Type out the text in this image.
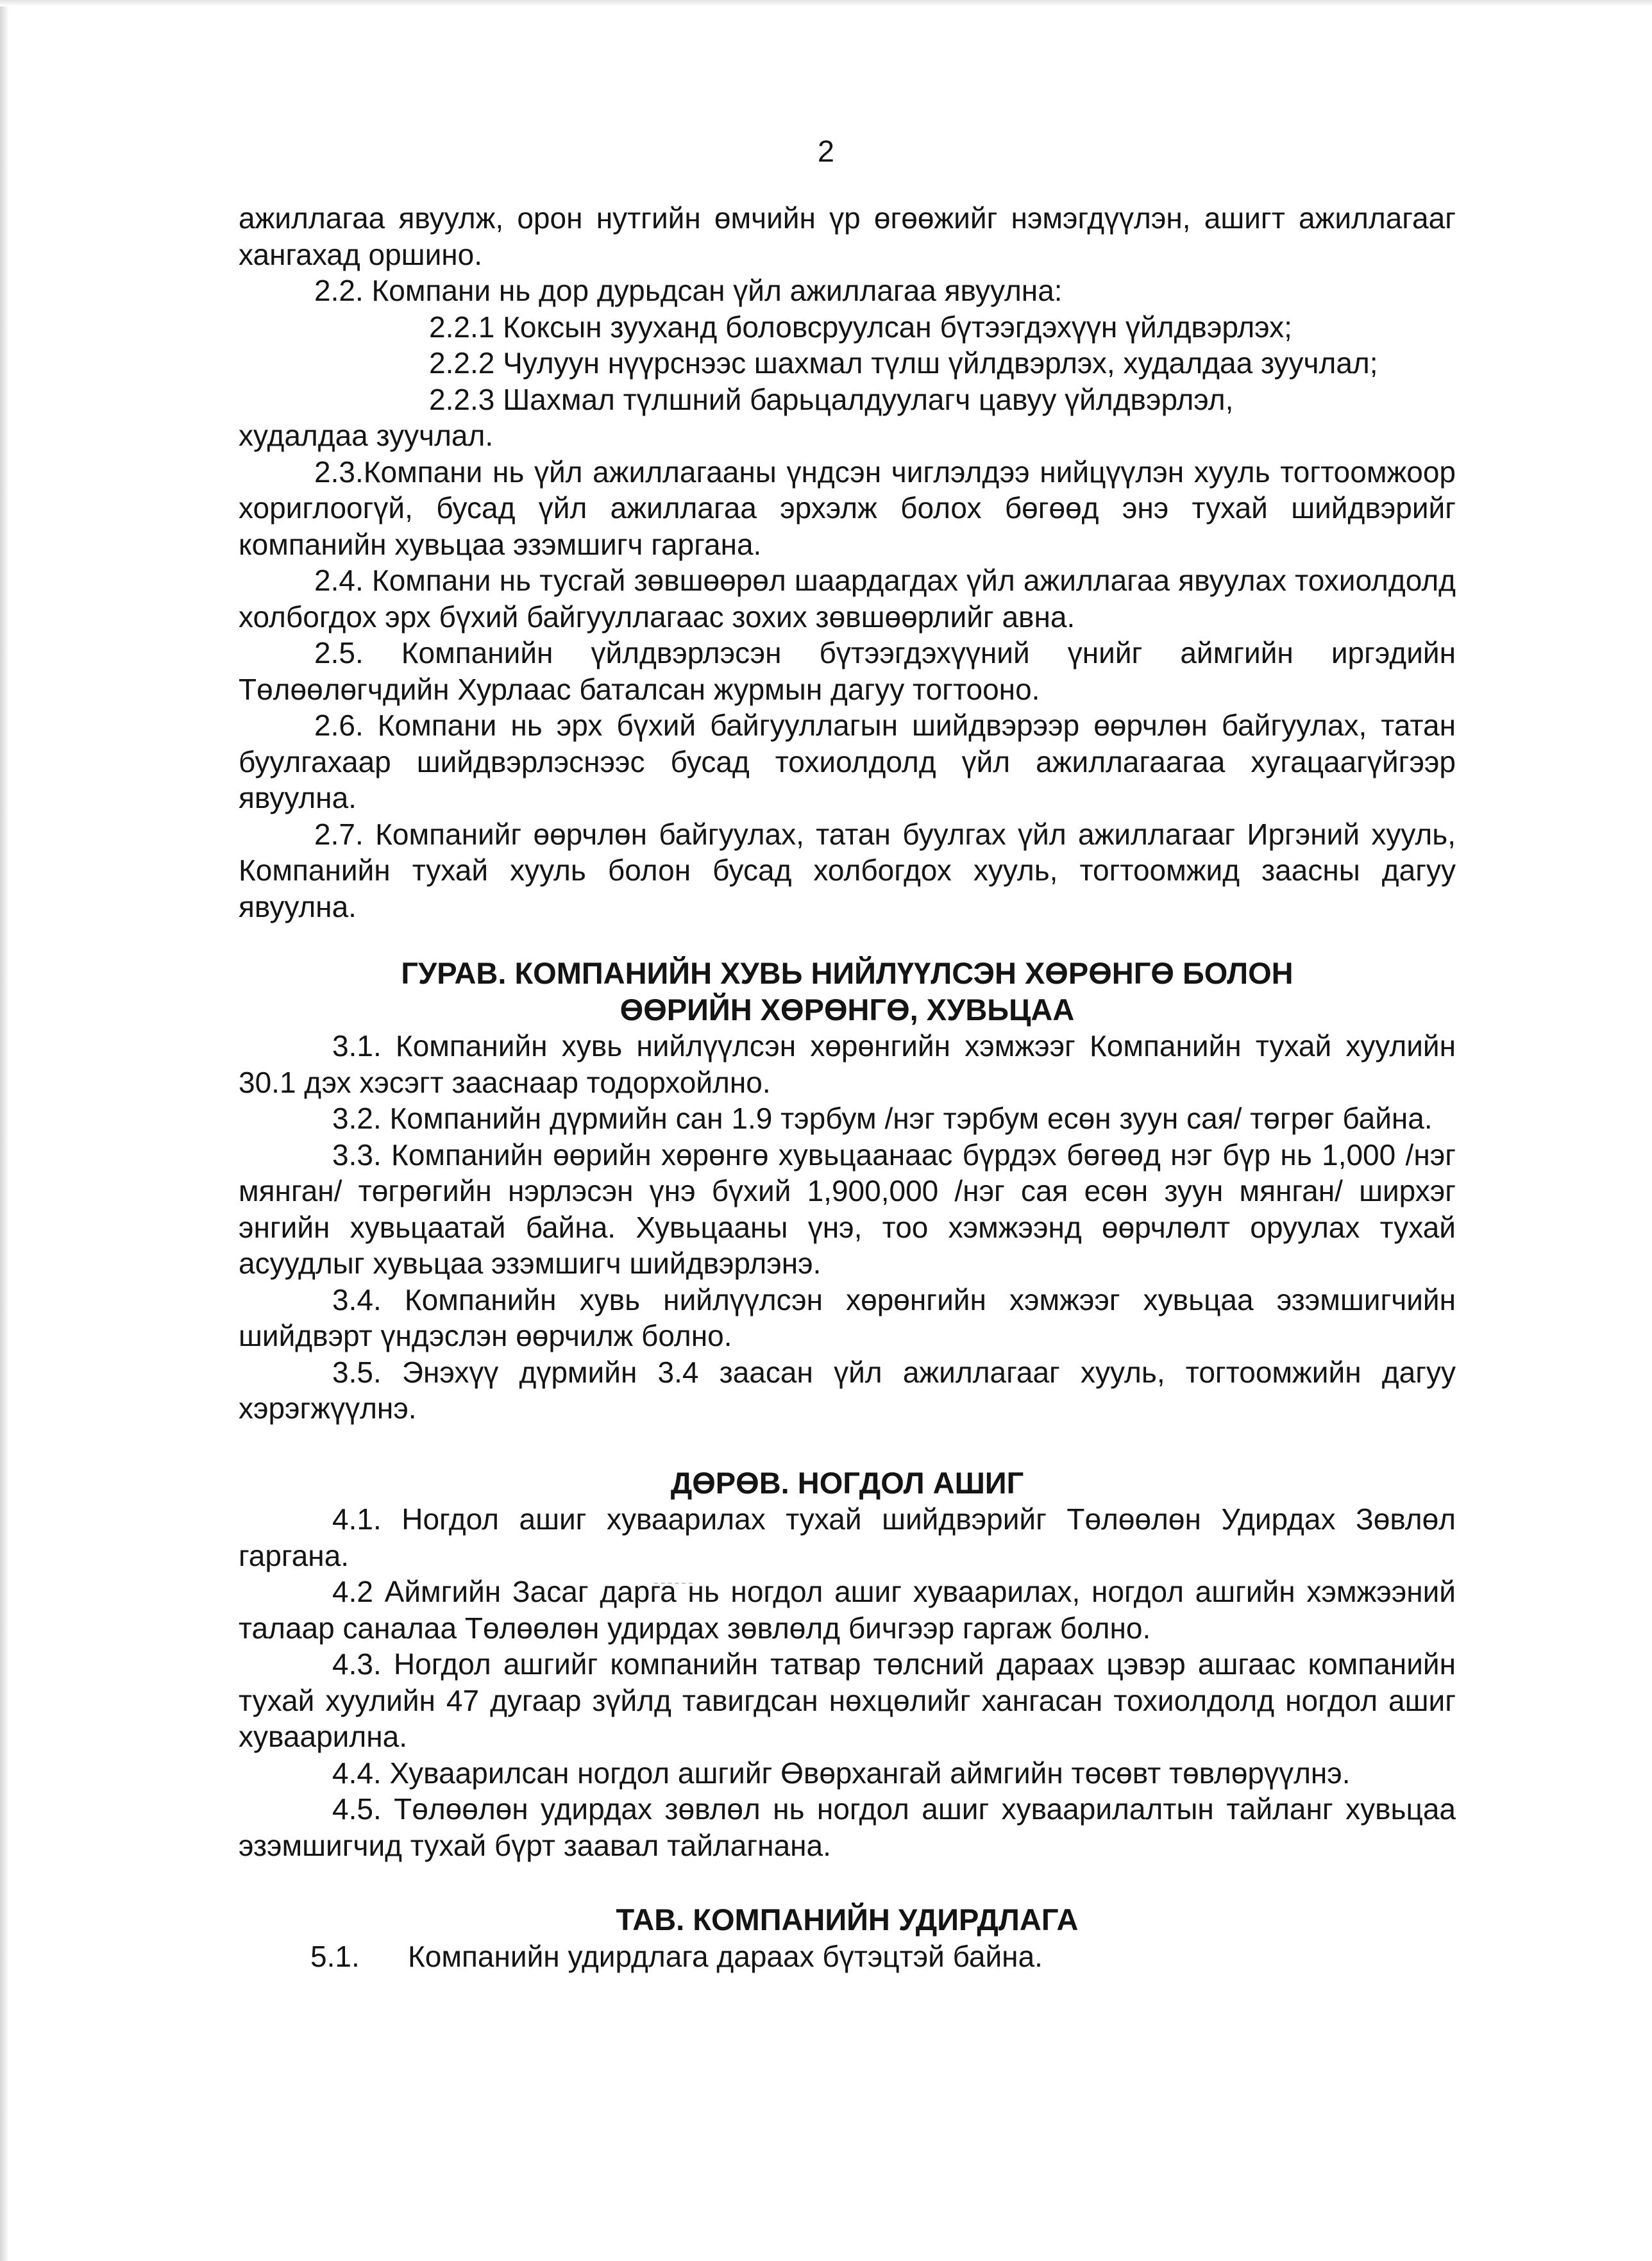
2

ажиллагаа явуулж, орон нутгийн өмчийн үр өгөөжийг нэмэгдүүлэн, ашигт ажиллагааг хангахад оршино.

2.2. Компани нь дор дурьдсан үйл ажиллагаа явуулна:

2.2.1 Коксын зууханд боловсруулсан бүтээгдэхүүн үйлдвэрлэх;

2.2.2 Чулуун нүүрснээс шахмал түлш үйлдвэрлэх, худалдаа зуучлал;

2.2.3 Шахмал түлшний барьцалдуулагч цавуу үйлдвэрлэл,

худалдаа зуучлал.

2.3.Компани нь үйл ажиллагааны үндсэн чиглэлдээ нийцүүлэн хууль тогтоомжоор хориглоогүй, бусад үйл ажиллагаа эрхэлж болох бөгөөд энэ тухай шийдвэрийг компанийн хувьцаа эзэмшигч гаргана.

2.4. Компани нь тусгай зөвшөөрөл шаардагдах үйл ажиллагаа явуулах тохиолдолд холбогдох эрх бүхий байгууллагаас зохих зөвшөөрлийг авна.

2.5. Компанийн үйлдвэрлэсэн бүтээгдэхүүний үнийг аймгийн иргэдийн Төлөөлөгчдийн Хурлаас баталсан журмын дагуу тогтооно.

2.6. Компани нь эрх бүхий байгууллагын шийдвэрээр өөрчлөн байгуулах, татан буулгахаар шийдвэрлэснээс бусад тохиолдолд үйл ажиллагаагаа хугацаагүйгээр явуулна.

2.7. Компанийг өөрчлөн байгуулах, татан буулгах үйл ажиллагааг Иргэний хууль, Компанийн тухай хууль болон бусад холбогдох хууль, тогтоомжид заасны дагуу явуулна.

ГУРАВ. КОМПАНИЙН ХУВЬ НИЙЛҮҮЛСЭН ХӨРӨНГӨ БОЛОН

ӨӨРИЙН ХӨРӨНГӨ, ХУВЬЦАА

3.1. Компанийн хувь нийлүүлсэн хөрөнгийн хэмжээг Компанийн тухай хуулийн 30.1 дэх хэсэгт зааснаар тодорхойлно.

3.2. Компанийн дүрмийн сан 1.9 тэрбум /нэг тэрбум есөн зуун сая/ төгрөг байна.

3.3. Компанийн өөрийн хөрөнгө хувьцаанаас бүрдэх бөгөөд нэг бүр нь 1,000 /нэг мянган/ төгрөгийн нэрлэсэн үнэ бүхий 1,900,000 /нэг сая есөн зуун мянган/ ширхэг энгийн хувьцаатай байна. Хувьцааны үнэ, тоо хэмжээнд өөрчлөлт оруулах тухай асуудлыг хувьцаа эзэмшигч шийдвэрлэнэ.

3.4. Компанийн хувь нийлүүлсэн хөрөнгийн хэмжээг хувьцаа эзэмшигчийн шийдвэрт үндэслэн өөрчилж болно.

3.5. Энэхүү дүрмийн 3.4 заасан үйл ажиллагааг хууль, тогтоомжийн дагуу хэрэгжүүлнэ.

ДӨРӨВ. НОГДОЛ АШИГ

4.1. Ногдол ашиг хуваарилах тухай шийдвэрийг Төлөөлөн Удирдах Зөвлөл гаргана.

4.2 Аймгийн Засаг дарга нь ногдол ашиг хуваарилах, ногдол ашгийн хэмжээний талаар саналаа Төлөөлөн удирдах зөвлөлд бичгээр гаргаж болно.

4.3. Ногдол ашгийг компанийн татвар төлсний дараах цэвэр ашгаас компанийн тухай хуулийн 47 дугаар зүйлд тавигдсан нөхцөлийг хангасан тохиолдолд ногдол ашиг хуваарилна.

4.4. Хуваарилсан ногдол ашгийг Өвөрхангай аймгийн төсөвт төвлөрүүлнэ.

4.5. Төлөөлөн удирдах зөвлөл нь ногдол ашиг хуваарилалтын тайланг хувьцаа эзэмшигчид тухай бүрт заавал тайлагнана.

ТАВ. КОМПАНИЙН УДИРДЛАГА

5.1.	Компанийн удирдлага дараах бүтэцтэй байна.
